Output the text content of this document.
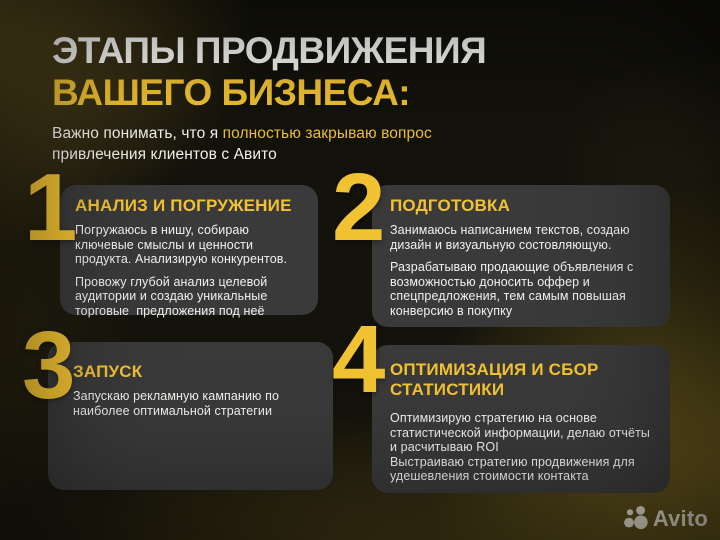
ЭТАПЫ ПРОДВИЖЕНИЯ
ВАШЕГО БИЗНЕСА:

Важно понимать, что я полностью закрываю вопрос
привлечения клиентов с Авито

1
АНАЛИЗ И ПОГРУЖЕНИЕ

Погружаюсь в нишу, собираю ключевые смыслы и ценности продукта. Анализирую конкурентов.

Провожу глубой анализ целевой аудитории и создаю уникальные торговые  предложения под неё

2 ПОДГОТОВКА

Занимаюсь написанием текстов, создаю дизайн и визуальную состовляющую.

Разрабатываю продающие объявления с возможностью доносить оффер и спецпредложения, тем самым повышая конверсию в покупку

3
ЗАПУСК

Запускаю рекламную кампанию по наиболее оптимальной стратегии 4 ОПТИМИЗАЦИЯ И СБОР СТАТИСТИКИ

Оптимизирую стратегию на основе статистической информации, делаю отчёты и расчитываю ROI

Выстраиваю стратегию продвижения для удешевления стоимости контакта

Avito
